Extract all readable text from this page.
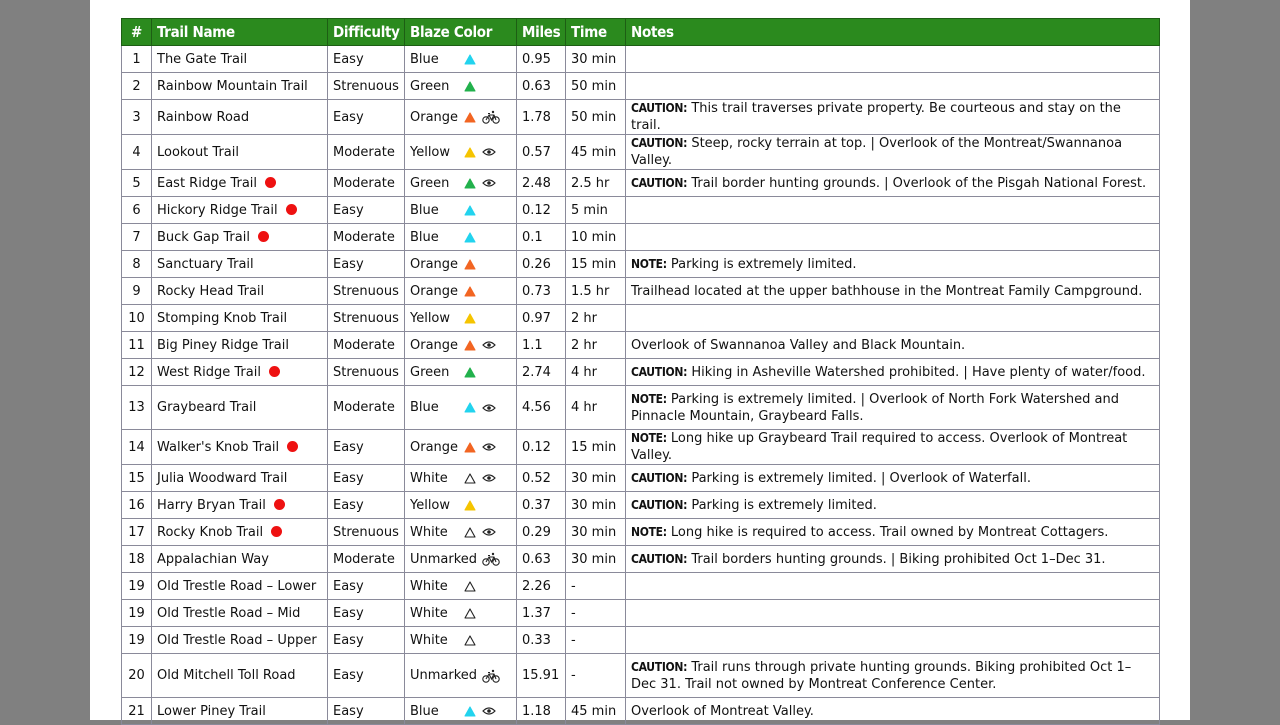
#	Trail Name	Difficulty	Blaze Color	Miles	Time	Notes
1	The Gate Trail	Easy	Blue	0.95	30 min	
2	Rainbow Mountain Trail	Strenuous	Green	0.63	50 min	
3	Rainbow Road	Easy	Orange	1.78	50 min	CAUTION: This trail traverses private property. Be courteous and stay on the trail.
4	Lookout Trail	Moderate	Yellow	0.57	45 min	CAUTION: Steep, rocky terrain at top. | Overlook of the Montreat/Swannanoa Valley.
5	East Ridge Trail	Moderate	Green	2.48	2.5 hr	CAUTION: Trail border hunting grounds. | Overlook of the Pisgah National Forest.
6	Hickory Ridge Trail	Easy	Blue	0.12	5 min	
7	Buck Gap Trail	Moderate	Blue	0.1	10 min	
8	Sanctuary Trail	Easy	Orange	0.26	15 min	NOTE: Parking is extremely limited.
9	Rocky Head Trail	Strenuous	Orange	0.73	1.5 hr	Trailhead located at the upper bathhouse in the Montreat Family Campground.
10	Stomping Knob Trail	Strenuous	Yellow	0.97	2 hr	
11	Big Piney Ridge Trail	Moderate	Orange	1.1	2 hr	Overlook of Swannanoa Valley and Black Mountain.
12	West Ridge Trail	Strenuous	Green	2.74	4 hr	CAUTION: Hiking in Asheville Watershed prohibited. | Have plenty of water/food.
13	Graybeard Trail	Moderate	Blue	4.56	4 hr	NOTE: Parking is extremely limited. | Overlook of North Fork Watershed and Pinnacle Mountain, Graybeard Falls.
14	Walker's Knob Trail	Easy	Orange	0.12	15 min	NOTE: Long hike up Graybeard Trail required to access. Overlook of Montreat Valley.
15	Julia Woodward Trail	Easy	White	0.52	30 min	CAUTION: Parking is extremely limited. | Overlook of Waterfall.
16	Harry Bryan Trail	Easy	Yellow	0.37	30 min	CAUTION: Parking is extremely limited.
17	Rocky Knob Trail	Strenuous	White	0.29	30 min	NOTE: Long hike is required to access. Trail owned by Montreat Cottagers.
18	Appalachian Way	Moderate	Unmarked	0.63	30 min	CAUTION: Trail borders hunting grounds. | Biking prohibited Oct 1–Dec 31.
19	Old Trestle Road – Lower	Easy	White	2.26	-	
19	Old Trestle Road – Mid	Easy	White	1.37	-	
19	Old Trestle Road – Upper	Easy	White	0.33	-	
20	Old Mitchell Toll Road	Easy	Unmarked	15.91	-	CAUTION: Trail runs through private hunting grounds. Biking prohibited Oct 1–Dec 31. Trail not owned by Montreat Conference Center.
21	Lower Piney Trail	Easy	Blue	1.18	45 min	Overlook of Montreat Valley.
